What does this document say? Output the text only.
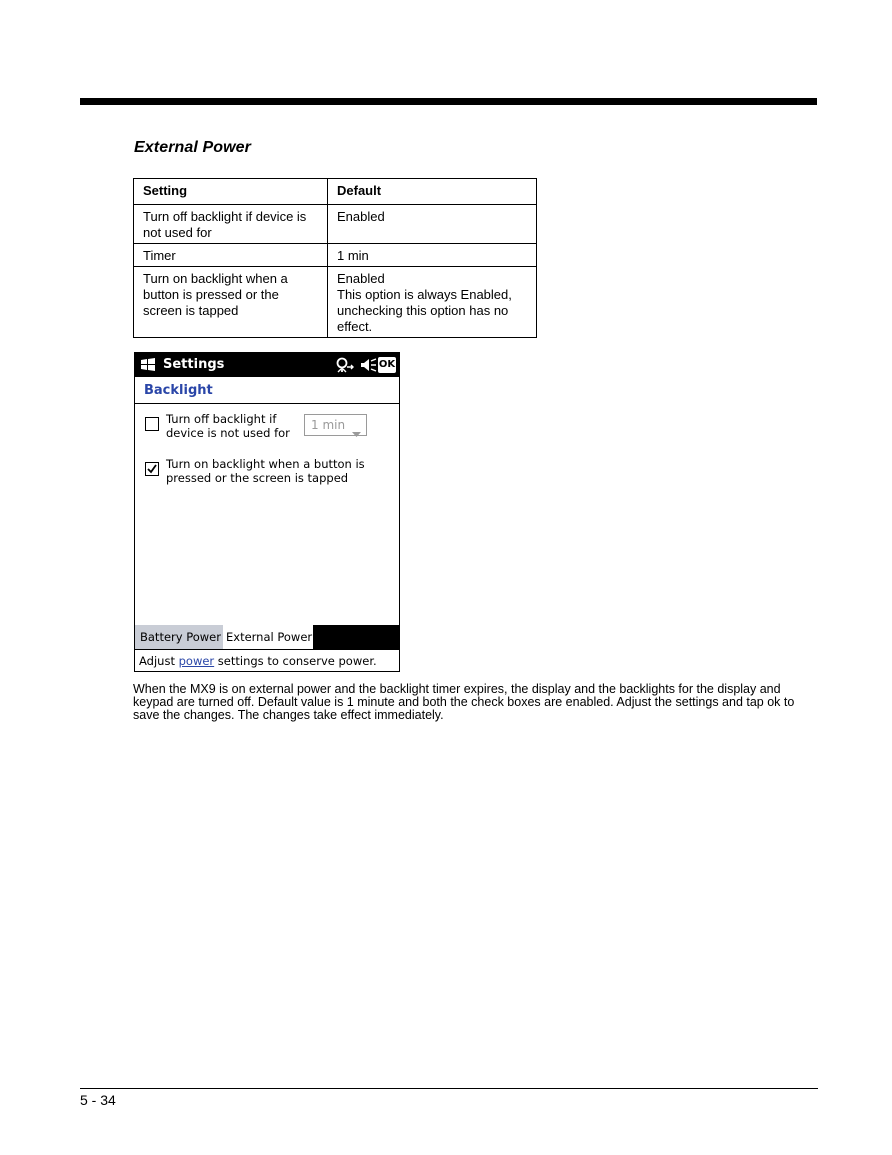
External Power
Setting	Default
Turn off backlight if device is not used for	Enabled
Timer	1 min
Turn on backlight when a button is pressed or the screen is tapped	Enabled
This option is always Enabled, unchecking this option has no effect.
Settings	OK
Backlight
Turn off backlight if
device is not used for
1 min
Turn on backlight when a button is
pressed or the screen is tapped
Battery Power External Power
Adjust power settings to conserve power.

When the MX9 is on external power and the backlight timer expires, the display and the backlights for the display and keypad are turned off. Default value is 1 minute and both the check boxes are enabled. Adjust the settings and tap ok to save the changes. The changes take effect immediately.

5 - 34
